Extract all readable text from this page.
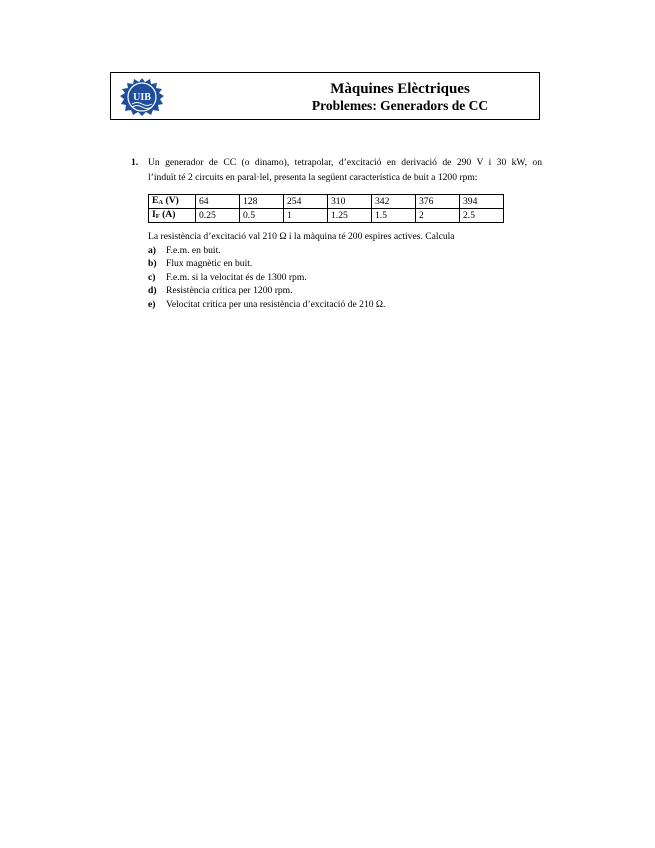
UIB
Màquines Elèctriques
Problemes: Generadors de CC
1. Un generador de CC (o dinamo), tetrapolar, d’excitació en derivació de 290 V i 30 kW, on
l’induït té 2 circuits en paral·lel, presenta la següent característica de buit a 1200 rpm:
EA (V)	64	128	254	310	342	376	394
IF (A)	0.25	0.5	1	1.25	1.5	2	2.5
La resistència d’excitació val 210 Ω i la màquina té 200 espires actives. Calcula
a) F.e.m. en buit.
b) Flux magnètic en buit.
c) F.e.m. si la velocitat és de 1300 rpm.
d) Resistència crítica per 1200 rpm.
e) Velocitat crítica per una resistència d’excitació de 210 Ω.
